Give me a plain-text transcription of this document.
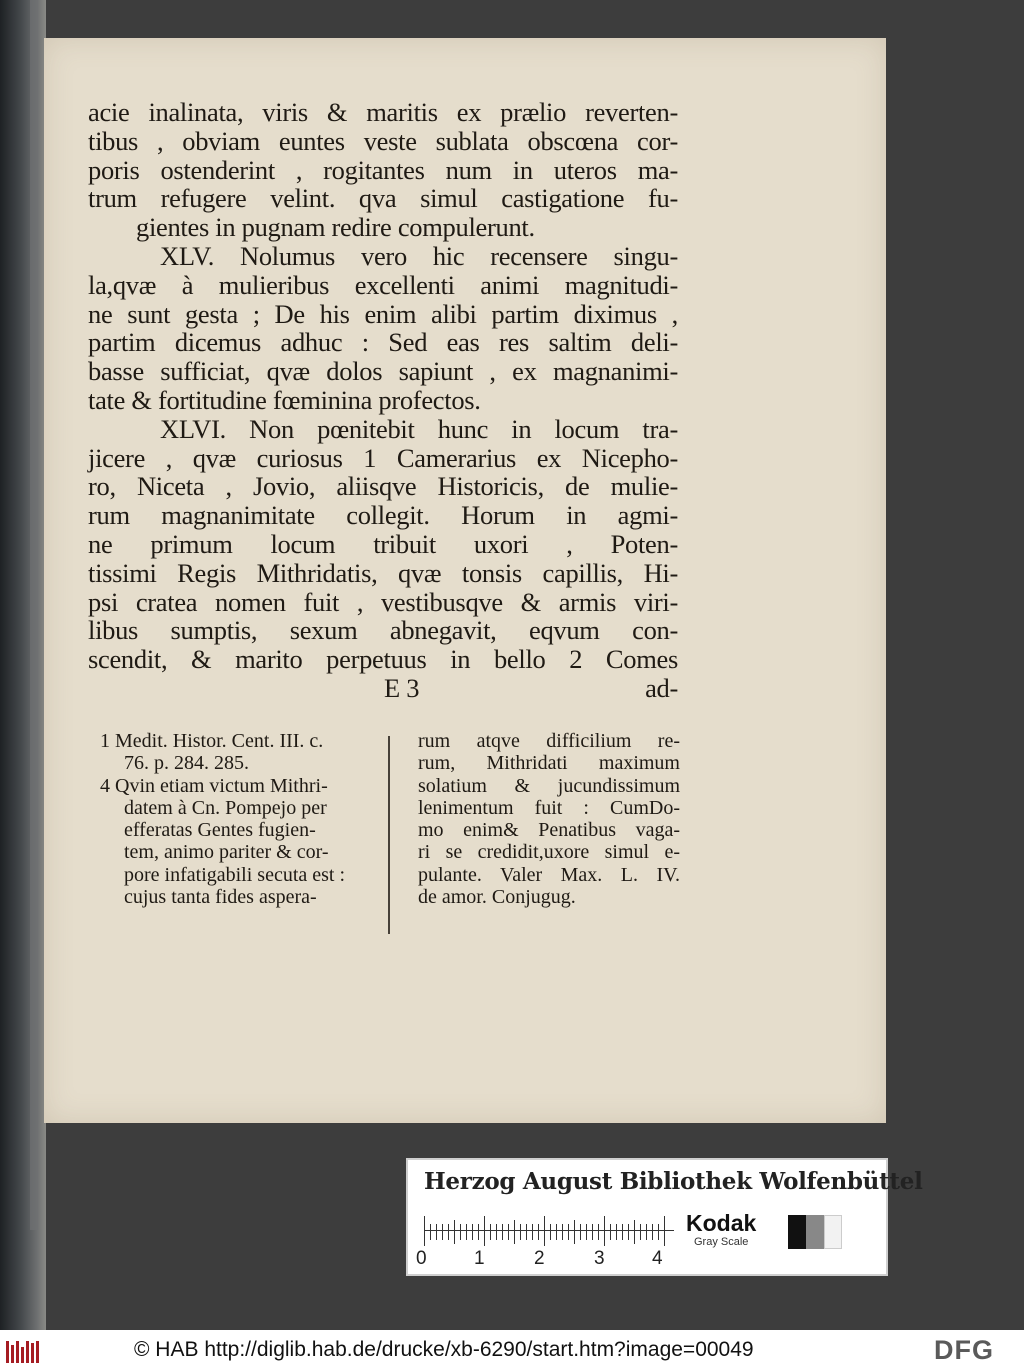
acie inalinata, viris & maritis ex prælio reverten-
tibus , obviam euntes veste sublata obscœna cor-
poris ostenderint , rogitantes num in uteros ma-
trum refugere velint. qva simul castigatione fu-
gientes in pugnam redire compulerunt.
XLV. Nolumus vero hic recensere singu-
la,qvæ à mulieribus excellenti animi magnitudi-
ne sunt gesta ; De his enim alibi partim diximus ,
partim dicemus adhuc : Sed eas res saltim deli-
basse sufficiat, qvæ dolos sapiunt , ex magnanimi-
tate & fortitudine fœminina profectos.
XLVI. Non pœnitebit hunc in locum tra-
jicere , qvæ curiosus 1 Camerarius ex Nicepho-
ro, Niceta , Jovio, aliisqve Historicis, de mulie-
rum magnanimitate collegit. Horum in agmi-
ne primum locum tribuit uxori , Poten-
tissimi Regis Mithridatis, qvæ tonsis capillis, Hi-
psi cratea nomen fuit , vestibusqve & armis viri-
libus sumptis, sexum abnegavit, eqvum con-
scendit, & marito perpetuus in bello 2 Comes
E 3	ad-
1 Medit. Histor. Cent. III. c.
76. p. 284. 285.
4 Qvin etiam victum Mithri-
datem à Cn. Pompejo per
efferatas Gentes fugien-
tem, animo pariter & cor-
pore infatigabili secuta est :
cujus tanta fides aspera-
rum atqve difficilium re-
rum, Mithridati maximum
solatium & jucundissimum
lenimentum fuit : CumDo-
mo enim& Penatibus vaga-
ri se credidit,uxore simul e-
pulante. Valer Max. L. IV.
de amor. Conjugug.
Herzog August Bibliothek Wolfenbüttel
0 1	2	3 4
Kodak
Gray Scale
© HAB http://diglib.hab.de/drucke/xb-6290/start.htm?image=00049	DFG
